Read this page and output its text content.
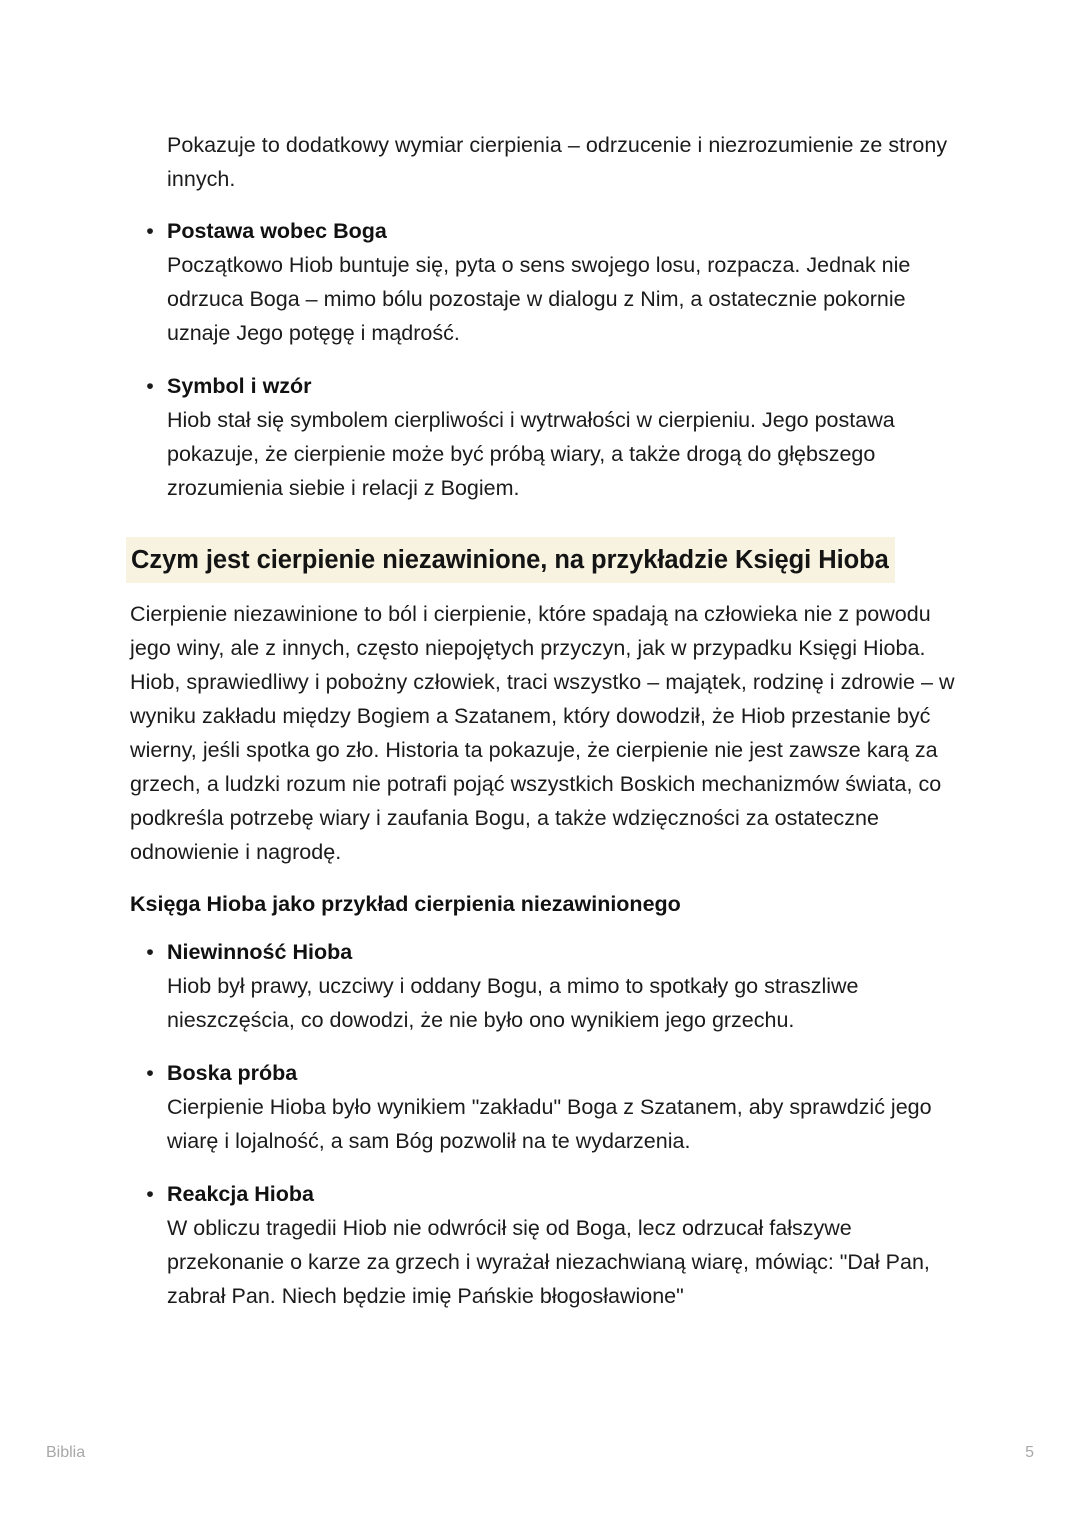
Pokazuje to dodatkowy wymiar cierpienia – odrzucenie i niezrozumienie ze strony innych.

• Postawa wobec Boga
Początkowo Hiob buntuje się, pyta o sens swojego losu, rozpacza. Jednak nie odrzuca Boga – mimo bólu pozostaje w dialogu z Nim, a ostatecznie pokornie uznaje Jego potęgę i mądrość.
• Symbol i wzór
Hiob stał się symbolem cierpliwości i wytrwałości w cierpieniu. Jego postawa pokazuje, że cierpienie może być próbą wiary, a także drogą do głębszego zrozumienia siebie i relacji z Bogiem.
Czym jest cierpienie niezawinione, na przykładzie Księgi Hioba

Cierpienie niezawinione to ból i cierpienie, które spadają na człowieka nie z powodu jego winy, ale z innych, często niepojętych przyczyn, jak w przypadku Księgi Hioba. Hiob, sprawiedliwy i pobożny człowiek, traci wszystko – majątek, rodzinę i zdrowie – w wyniku zakładu między Bogiem a Szatanem, który dowodził, że Hiob przestanie być wierny, jeśli spotka go zło. Historia ta pokazuje, że cierpienie nie jest zawsze karą za grzech, a ludzki rozum nie potrafi pojąć wszystkich Boskich mechanizmów świata, co podkreśla potrzebę wiary i zaufania Bogu, a także wdzięczności za ostateczne odnowienie i nagrodę.

Księga Hioba jako przykład cierpienia niezawinionego
• Niewinność Hioba
Hiob był prawy, uczciwy i oddany Bogu, a mimo to spotkały go straszliwe nieszczęścia, co dowodzi, że nie było ono wynikiem jego grzechu.
• Boska próba
Cierpienie Hioba było wynikiem "zakładu" Boga z Szatanem, aby sprawdzić jego wiarę i lojalność, a sam Bóg pozwolił na te wydarzenia.
• Reakcja Hioba
W obliczu tragedii Hiob nie odwrócił się od Boga, lecz odrzucał fałszywe przekonanie o karze za grzech i wyrażał niezachwianą wiarę, mówiąc: "Dał Pan, zabrał Pan. Niech będzie imię Pańskie błogosławione"
Biblia	5
